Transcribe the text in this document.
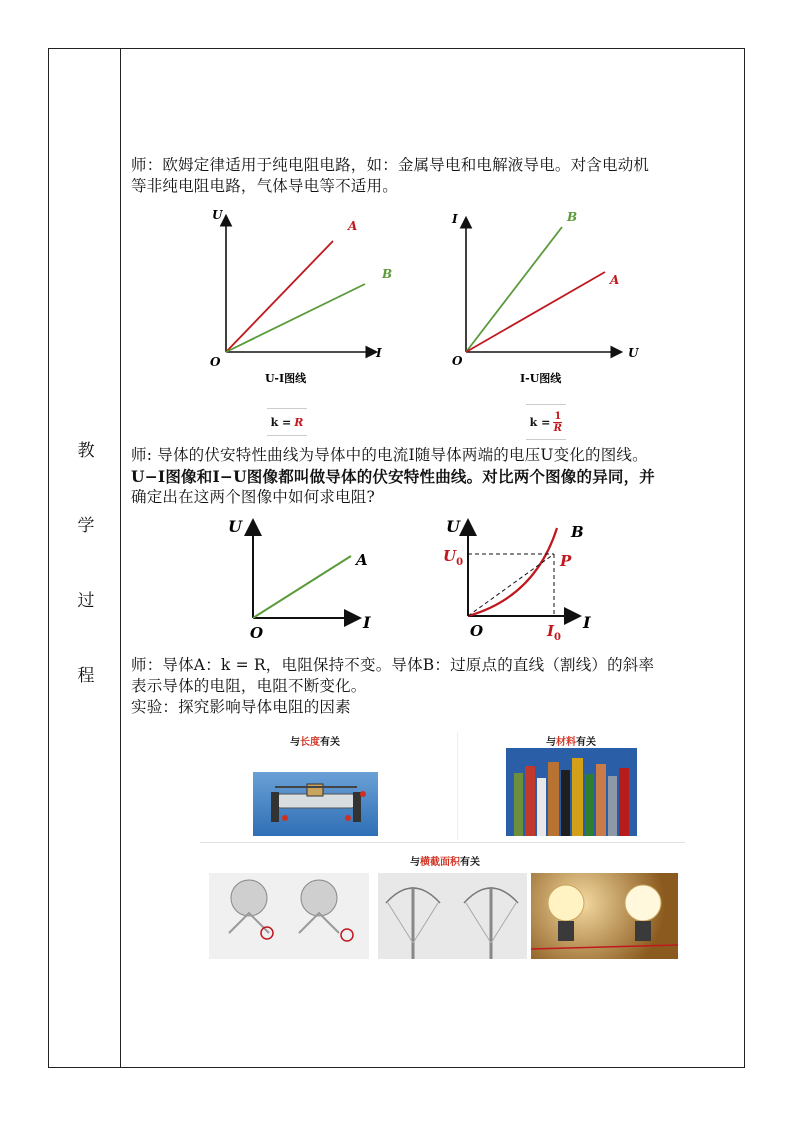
教
学
过
程
师：欧姆定律适用于纯电阻电路，如：金属导电和电解液导电。对含电动机
等非纯电阻电路，气体导电等不适用。
U
I
O
A
B
U-I图线
I
U
O
B
A
I-U图线
k = R	$k = \frac{1}{R}$
师: 导体的伏安特性曲线为导体中的电流I随导体两端的电压U变化的图线。
U−I图像和I−U图像都叫做导体的伏安特性曲线。对比两个图像的异同，并
确定出在这两个图像中如何求电阻?
U
I
O
A
U
I
O
B
P
$U_0$
$I_0$
师：导体A：k = R，电阻保持不变。导体B：过原点的直线（割线）的斜率
表示导体的电阻，电阻不断变化。
实验：探究影响导体电阻的因素
与长度有关	与材料有关
与横截面积有关
